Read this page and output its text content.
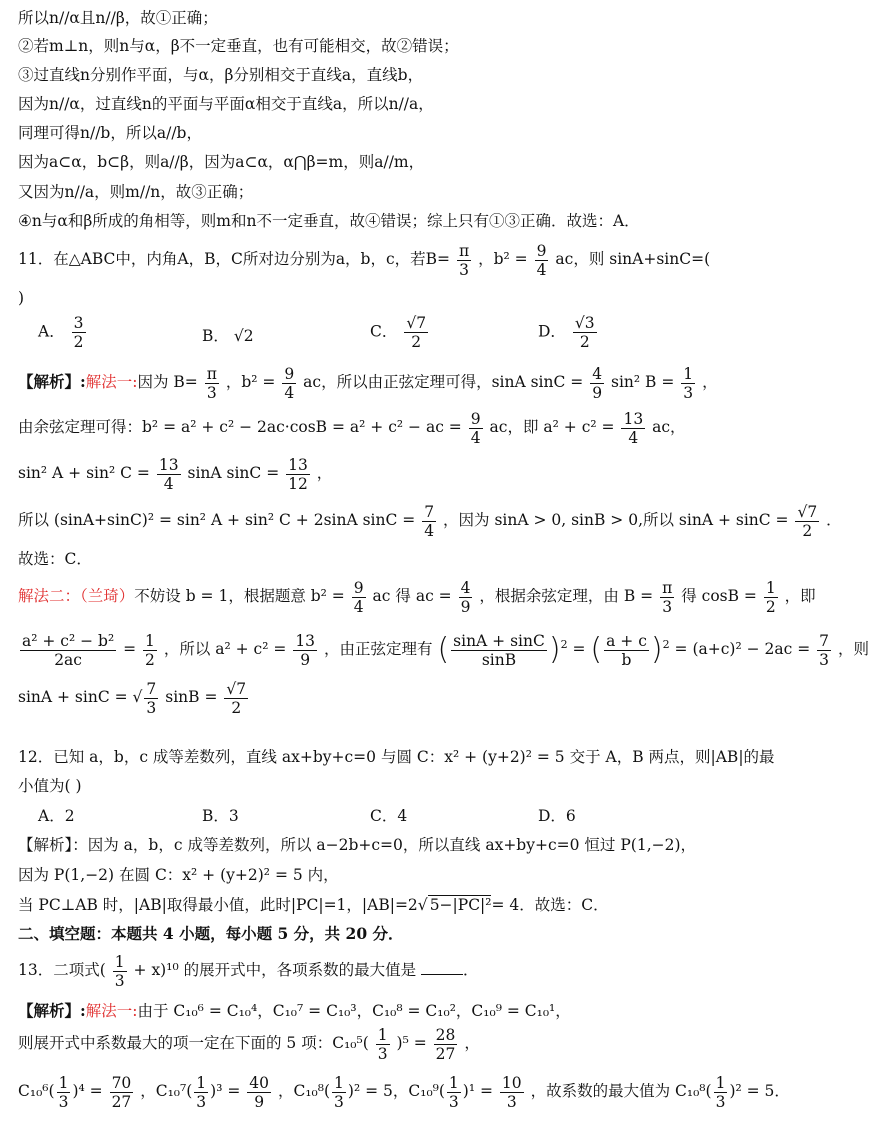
所以n//α且n//β，故①正确；
②若m⊥n，则n与α，β不一定垂直，也有可能相交，故②错误；
③过直线n分别作平面，与α，β分别相交于直线a，直线b，
因为n//α，过直线n的平面与平面α相交于直线a，所以n//a，
同理可得n//b，所以a//b，
因为a⊂α，b⊂β，则a//β，因为a⊂α，α⋂β=m，则a//m，
又因为n//a，则m//n，故③正确；
④n与α和β所成的角相等，则m和n不一定垂直，故④错误；综上只有①③正确．故选：A．
11．在△ABC中，内角A，B，C所对边分别为a，b，c，若$B= \frac{\pi}{3}$ ，$b^2 = \frac{9}{4}$ ac，则 sinA+sinC=(
)
A． $\frac{3}{2}$	B． √2	C． $\frac{√7}{2}$	D． $\frac{√3}{2}$
【解析】:解法一:因为 $B= \frac{\pi}{3}$ ，$b^2 = \frac{9}{4}$ ac，所以由正弦定理可得，sinA $\sin C = \frac{4}{9} \sin^2$ $B = \frac{1}{3}$ ，
由余弦定理可得：b² = a² + c² − 2ac·cosB = a² + c² − ac = $\frac{9}{4}$ ac，即 $a^2 + c^2 = \frac{13}{4}$ ac，
sin² A + sin² $C = \frac{13}{4}$ sinA $\sin C = \frac{13}{12}$ ，
所以 (sinA+sinC)² = sin² A + sin² C + 2sinA $\sin C = \frac{7}{4}$ ，因为 sinA > 0, sinB > 0,所以 $\sin A + \sin C = \frac{√7}{2}$ ．
故选：C．
解法二：（兰琦）不妨设 b = 1，根据题意 $b^2 = \frac{9}{4}$ ac 得 ac = $\frac{4}{9}$ ，根据余弦定理，由 $B = \frac{\pi}{3}$ 得 $\cos B = \frac{1}{2}$ ，即
$\frac{\text{a² + c² − b²}}{2ac} = \frac{1}{2}$ ，所以 $a^2 + c^2 = \frac{13}{9}$ ，由正弦定理有 ( $\frac{\sin A + \sin C}{\sin B} )^2$ = ( $\frac{a + c}{b} )^2 = (a+c)^2 - 2ac = \frac{7}{3}$ ，则
sinA + sinC = √ $\frac{7}{3}$ $\sin B = \frac{√7}{2}$
12．已知 a，b，c 成等差数列，直线 ax+by+c=0 与圆 C：x² + (y+2)² = 5 交于 A，B 两点，则|AB|的最
小值为( )
A．2	B．3	C．4	D．6
【解析】：因为 a，b，c 成等差数列，所以 a−2b+c=0，所以直线 ax+by+c=0 恒过 P(1,−2)，
因为 P(1,−2) 在圆 C：x² + (y+2)² = 5 内，
当 PC⊥AB 时，|AB|取得最小值，此时|PC|=1，|AB|=2√ 5−|PC|²= 4．故选：C．
二、填空题：本题共 4 小题，每小题 5 分，共 20 分．
13．二项式( $\frac{1}{3} + x)^{10}$ 的展开式中，各项系数的最大值是	．
【解析】:解法一:由于 C₁₀⁶ = C₁₀⁴，C₁₀⁷ = C₁₀³，C₁₀⁸ = C₁₀²，C₁₀⁹ = C₁₀¹，
则展开式中系数最大的项一定在下面的 5 项：$C_{10}^5( \frac{1}{3} )^5 = \frac{28}{27}$ ，
$C_{10}^6( \frac{1}{3} )^4 = \frac{70}{27}$ ，$C_{10}^7( \frac{1}{3} )^3 = \frac{40}{9}$ ，$C_{10}^8( \frac{1}{3} )^2 = 5$，$C_{10}^9( \frac{1}{3} )^1 = \frac{10}{3}$ ，故系数的最大值为 $C_{10}^8( \frac{1}{3} )^2 = 5$．
